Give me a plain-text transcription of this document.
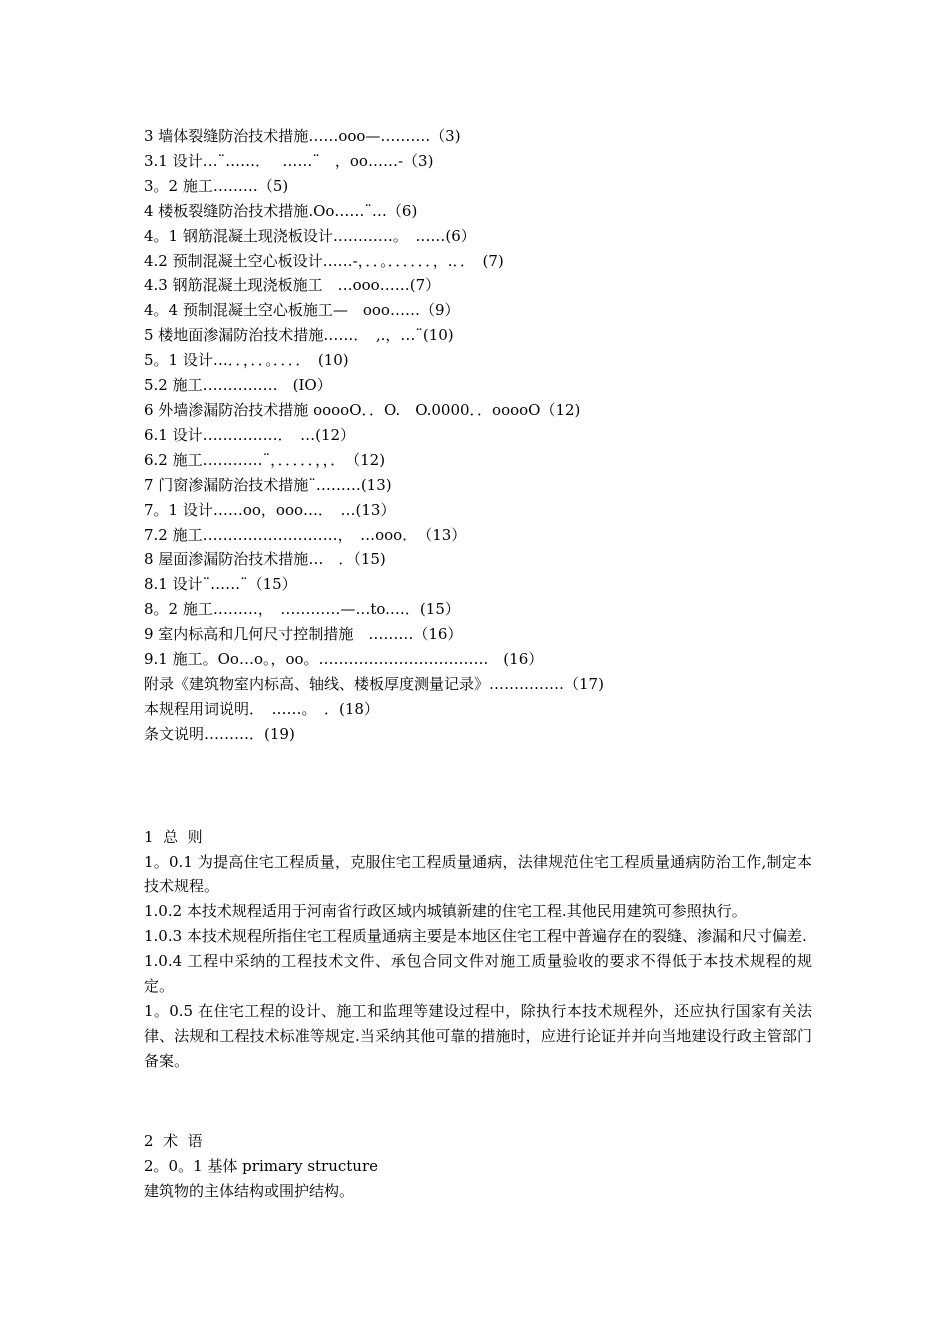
3 墙体裂缝防治技术措施……ooo—……….（3)
3.1 设计…¨……．　 ……¨　，oo……-（3)
3。2 施工………（5)
4 楼板裂缝防治技术措施.Oo……¨…（6)
4。1 钢筋混凝土现浇板设计…………。　……(6）
4.2 预制混凝土空心板设计……-，．．。．．．．．．，.．．　(7)
4.3 钢筋混凝土现浇板施工　…ooo……(7）
4。4 预制混凝土空心板施工—　ooo……（9）
5 楼地面渗漏防治技术措施……．　,.，…¨(10)
5。1 设计…．．，．．。．．．．　(10)
5.2 施工……………　(IO）
6 外墙渗漏防治技术措施 ooooO．．O.　O.0000．．ooooO（12)
6.1 设计……………．　…(12）
6.2 施工…………¨，．．．．．，，．　（12)
7 门窗渗漏防治技术措施¨………(13)
7。1 设计……oo，ooo…．　…(13）
7.2 施工………………………，　…ooo．　（13）
8 屋面渗漏防治技术措施…　．（15)
8.1 设计¨……¨（15）
8。2 施工………，　…………—…to.…．(15）
9 室内标高和几何尺寸控制措施　………（16）
9.1 施工。Oo…o。，oo。…………………………….　(16）
附录《建筑物室内标高、轴线、楼板厚度测量记录》……………（17)
本规程用词说明．　……。　．(18）
条文说明………．(19)
1  总  则
1。0.1 为提高住宅工程质量，克服住宅工程质量通病，法律规范住宅工程质量通病防治工作,制定本技术规程。
1.0.2 本技术规程适用于河南省行政区域内城镇新建的住宅工程.其他民用建筑可参照执行。
1.0.3 本技术规程所指住宅工程质量通病主要是本地区住宅工程中普遍存在的裂缝、渗漏和尺寸偏差.
1.0.4 工程中采纳的工程技术文件、承包合同文件对施工质量验收的要求不得低于本技术规程的规定。
1。0.5 在住宅工程的设计、施工和监理等建设过程中，除执行本技术规程外，还应执行国家有关法律、法规和工程技术标准等规定.当采纳其他可靠的措施时，应进行论证并并向当地建设行政主管部门备案。
2  术  语
2。0。1 基体 primary structure
建筑物的主体结构或围护结构。
